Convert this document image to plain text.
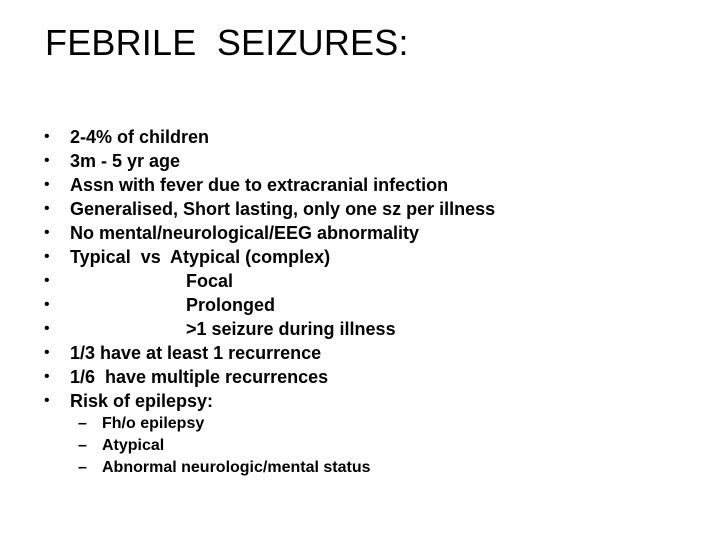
FEBRILE  SEIZURES:

•

	2-4% of children

•

	3m - 5 yr age

•

	Assn with fever due to extracranial infection

•

	Generalised, Short lasting, only one sz per illness

•

	No mental/neurological/EEG abnormality

•

	Typical  vs  Atypical (complex)

•

	Focal

•

	Prolonged

•

	>1 seizure during illness

•

	1/3 have at least 1 recurrence

•

	1/6  have multiple recurrences

•

	Risk of epilepsy:

–

Fh/o epilepsy

–

Atypical

–

Abnormal neurologic/mental status
